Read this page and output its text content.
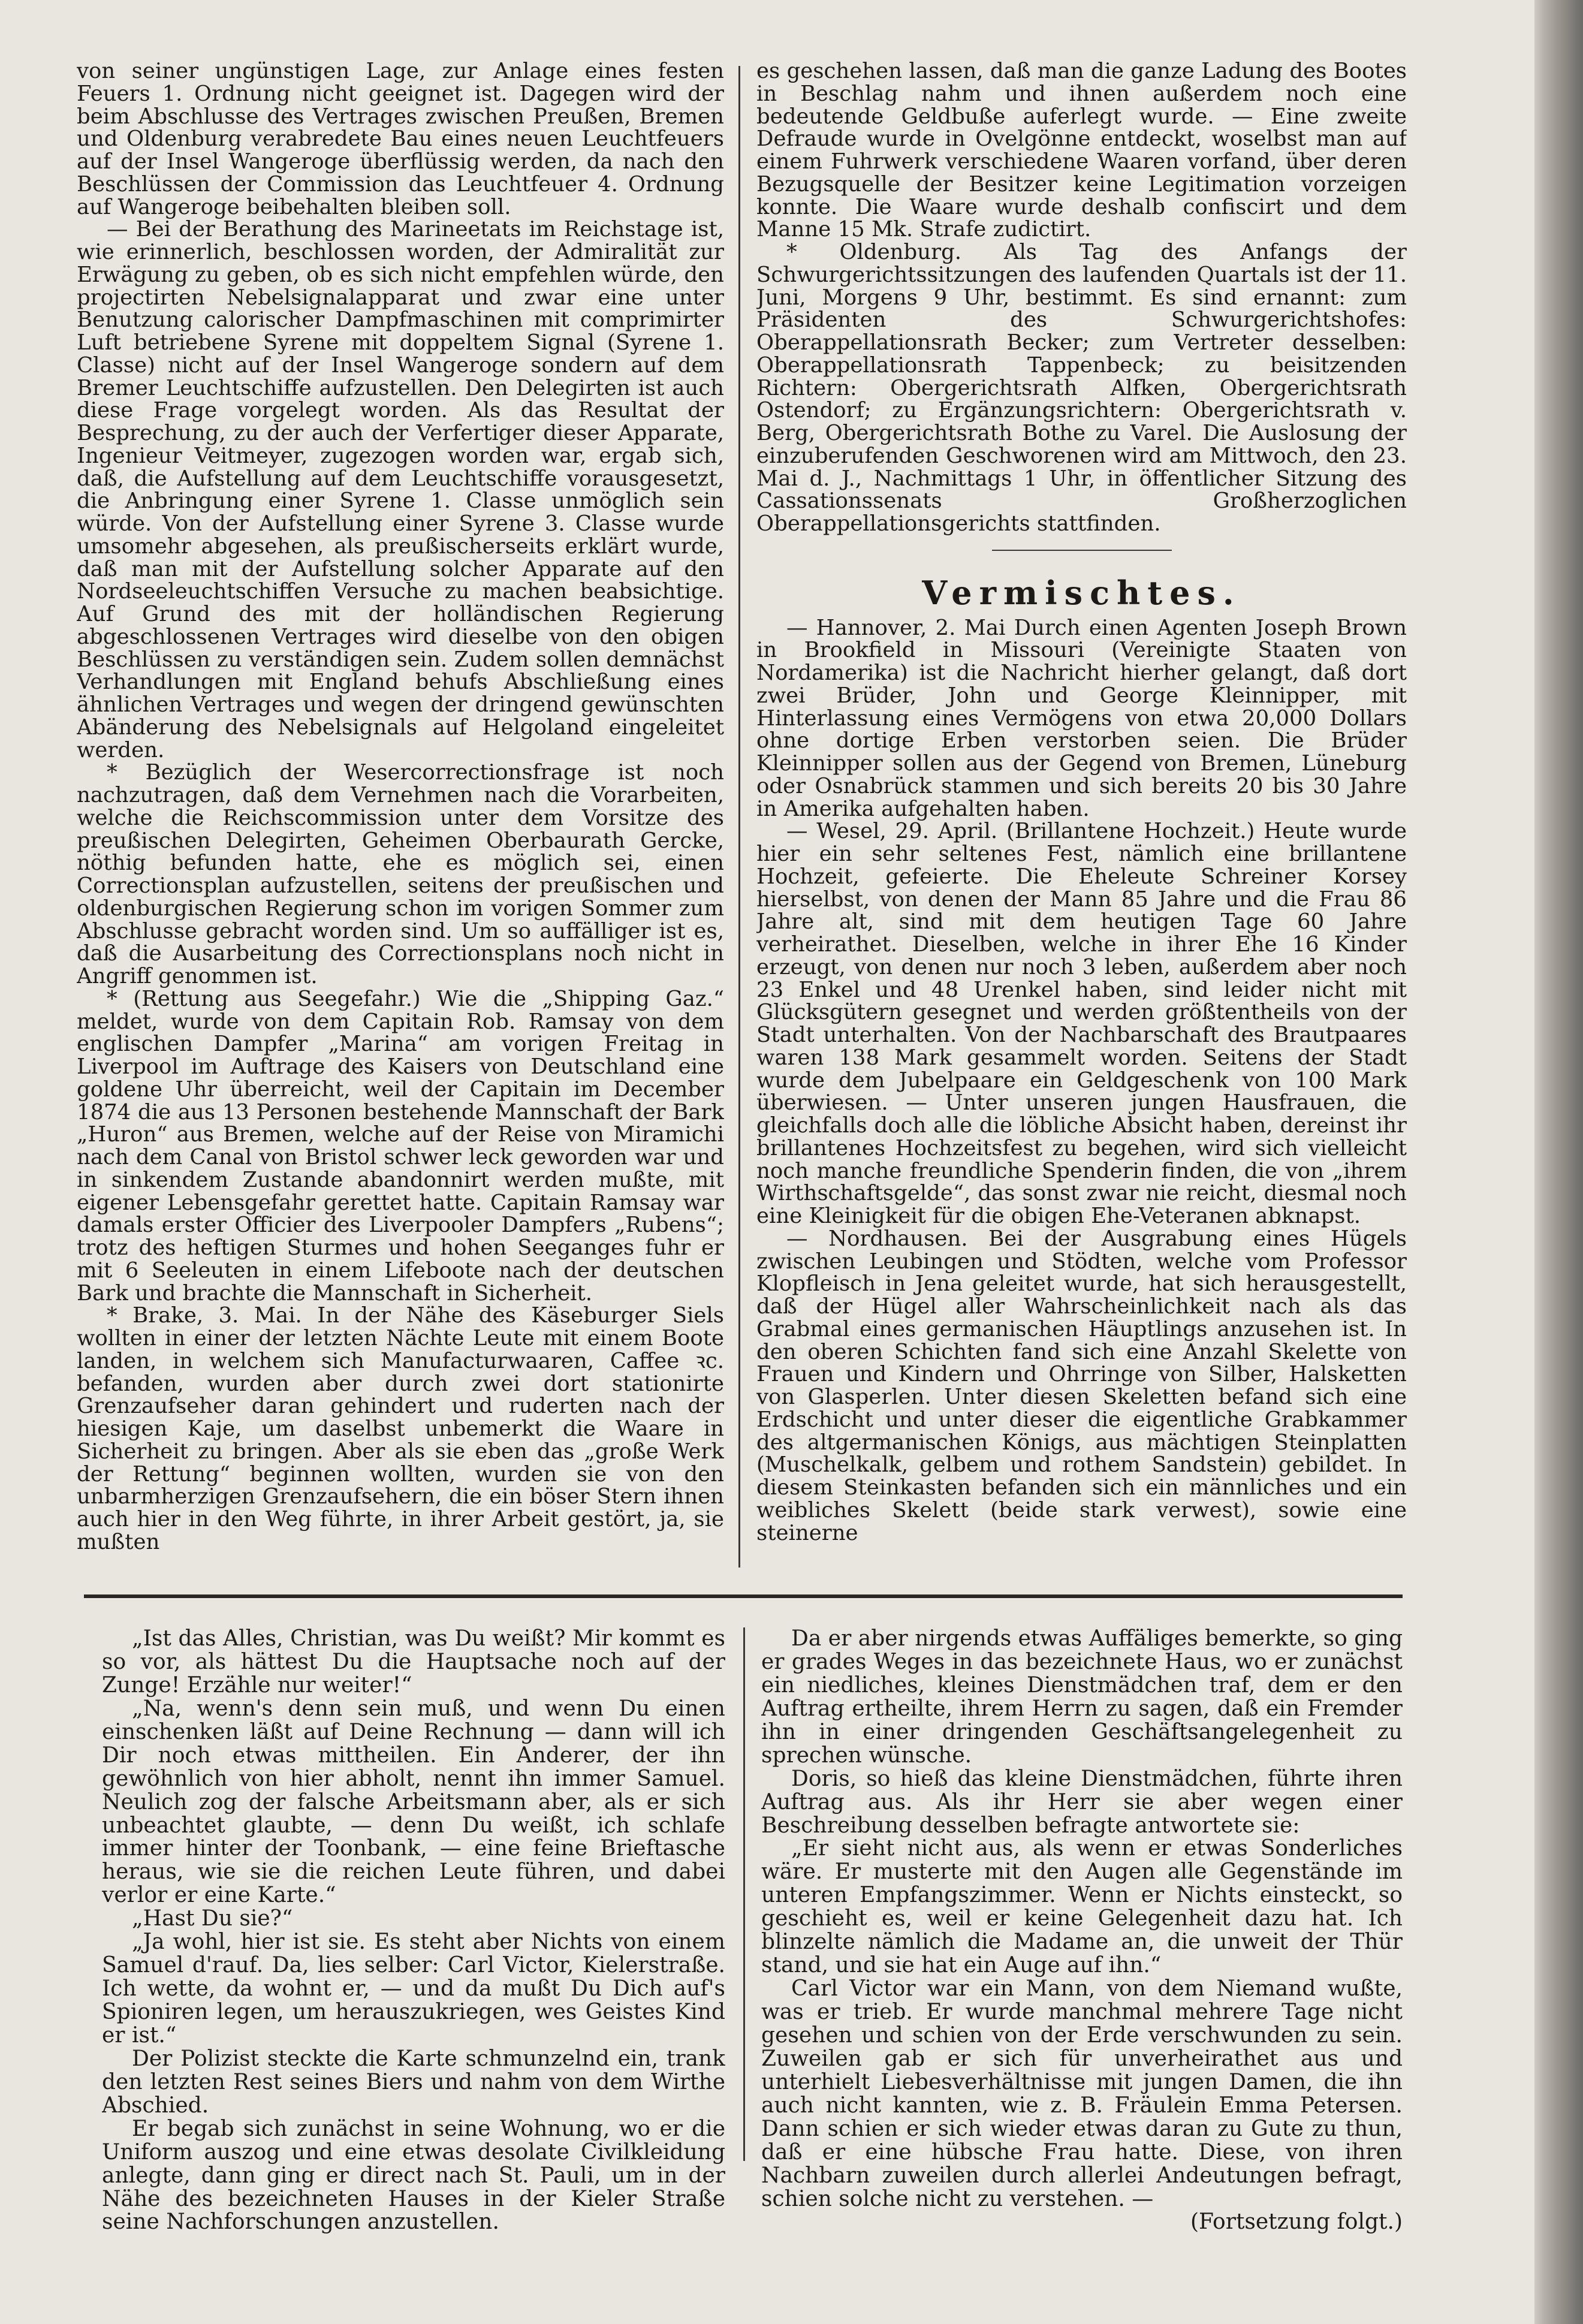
von seiner ungünstigen Lage, zur Anlage eines festen Feuers 1. Ordnung nicht geeignet ist. Dagegen wird der beim Abschlusse des Vertrages zwischen Preußen, Bremen und Oldenburg verabredete Bau eines neuen Leuchtfeuers auf der Insel Wangeroge überflüssig werden, da nach den Beschlüssen der Commission das Leuchtfeuer 4. Ordnung auf Wangeroge beibehalten bleiben soll.

— Bei der Berathung des Marineetats im Reichstage ist, wie erinnerlich, beschlossen worden, der Admiralität zur Erwägung zu geben, ob es sich nicht empfehlen würde, den projectirten Nebelsignalapparat und zwar eine unter Benutzung calorischer Dampfmaschinen mit comprimirter Luft betriebene Syrene mit doppeltem Signal (Syrene 1. Classe) nicht auf der Insel Wangeroge sondern auf dem Bremer Leuchtschiffe aufzustellen. Den Delegirten ist auch diese Frage vorgelegt worden. Als das Resultat der Besprechung, zu der auch der Verfertiger dieser Apparate, Ingenieur Veitmeyer, zugezogen worden war, ergab sich, daß, die Aufstellung auf dem Leuchtschiffe vorausgesetzt, die Anbringung einer Syrene 1. Classe unmöglich sein würde. Von der Aufstellung einer Syrene 3. Classe wurde umsomehr abgesehen, als preußischerseits erklärt wurde, daß man mit der Aufstellung solcher Apparate auf den Nordseeleuchtschiffen Versuche zu machen beabsichtige. Auf Grund des mit der holländischen Regierung abgeschlossenen Vertrages wird dieselbe von den obigen Beschlüssen zu verständigen sein. Zudem sollen demnächst Verhandlungen mit England behufs Abschließung eines ähnlichen Vertrages und wegen der dringend gewünschten Abänderung des Nebelsignals auf Helgoland eingeleitet werden.

* Bezüglich der Wesercorrectionsfrage ist noch nachzutragen, daß dem Vernehmen nach die Vorarbeiten, welche die Reichscommission unter dem Vorsitze des preußischen Delegirten, Geheimen Oberbaurath Gercke, nöthig befunden hatte, ehe es möglich sei, einen Correctionsplan aufzustellen, seitens der preußischen und oldenburgischen Regierung schon im vorigen Sommer zum Abschlusse gebracht worden sind. Um so auffälliger ist es, daß die Ausarbeitung des Correctionsplans noch nicht in Angriff genommen ist.

* (Rettung aus Seegefahr.) Wie die „Shipping Gaz.“ meldet, wurde von dem Capitain Rob. Ramsay von dem englischen Dampfer „Marina“ am vorigen Freitag in Liverpool im Auftrage des Kaisers von Deutschland eine goldene Uhr überreicht, weil der Capitain im December 1874 die aus 13 Personen bestehende Mannschaft der Bark „Huron“ aus Bremen, welche auf der Reise von Miramichi nach dem Canal von Bristol schwer leck geworden war und in sinkendem Zustande abandonnirt werden mußte, mit eigener Lebensgefahr gerettet hatte. Capitain Ramsay war damals erster Officier des Liverpooler Dampfers „Rubens“; trotz des heftigen Sturmes und hohen Seeganges fuhr er mit 6 Seeleuten in einem Lifeboote nach der deutschen Bark und brachte die Mannschaft in Sicherheit.

* Brake, 3. Mai. In der Nähe des Käseburger Siels wollten in einer der letzten Nächte Leute mit einem Boote landen, in welchem sich Manufacturwaaren, Caffee ꝛc. befanden, wurden aber durch zwei dort stationirte Grenzaufseher daran gehindert und ruderten nach der hiesigen Kaje, um daselbst unbemerkt die Waare in Sicherheit zu bringen. Aber als sie eben das „große Werk der Rettung“ beginnen wollten, wurden sie von den unbarmherzigen Grenzaufsehern, die ein böser Stern ihnen auch hier in den Weg führte, in ihrer Arbeit gestört, ja, sie mußten

es geschehen lassen, daß man die ganze Ladung des Bootes in Beschlag nahm und ihnen außerdem noch eine bedeutende Geldbuße auferlegt wurde. — Eine zweite Defraude wurde in Ovelgönne entdeckt, woselbst man auf einem Fuhrwerk verschiedene Waaren vorfand, über deren Bezugsquelle der Besitzer keine Legitimation vorzeigen konnte. Die Waare wurde deshalb confiscirt und dem Manne 15 Mk. Strafe zudictirt.

* Oldenburg. Als Tag des Anfangs der Schwurgerichtssitzungen des laufenden Quartals ist der 11. Juni, Morgens 9 Uhr, bestimmt. Es sind ernannt: zum Präsidenten des Schwurgerichtshofes: Oberappellationsrath Becker; zum Vertreter desselben: Oberappellationsrath Tappenbeck; zu beisitzenden Richtern: Obergerichtsrath Alfken, Obergerichtsrath Ostendorf; zu Ergänzungsrichtern: Obergerichtsrath v. Berg, Obergerichtsrath Bothe zu Varel. Die Auslosung der einzuberufenden Geschworenen wird am Mittwoch, den 23. Mai d. J., Nachmittags 1 Uhr, in öffentlicher Sitzung des Cassationssenats Großherzoglichen Oberappellationsgerichts stattfinden.

Vermischtes.

— Hannover, 2. Mai Durch einen Agenten Joseph Brown in Brookfield in Missouri (Vereinigte Staaten von Nordamerika) ist die Nachricht hierher gelangt, daß dort zwei Brüder, John und George Kleinnipper, mit Hinterlassung eines Vermögens von etwa 20,000 Dollars ohne dortige Erben verstorben seien. Die Brüder Kleinnipper sollen aus der Gegend von Bremen, Lüneburg oder Osnabrück stammen und sich bereits 20 bis 30 Jahre in Amerika aufgehalten haben.

— Wesel, 29. April. (Brillantene Hochzeit.) Heute wurde hier ein sehr seltenes Fest, nämlich eine brillantene Hochzeit, gefeierte. Die Eheleute Schreiner Korsey hierselbst, von denen der Mann 85 Jahre und die Frau 86 Jahre alt, sind mit dem heutigen Tage 60 Jahre verheirathet. Dieselben, welche in ihrer Ehe 16 Kinder erzeugt, von denen nur noch 3 leben, außerdem aber noch 23 Enkel und 48 Urenkel haben, sind leider nicht mit Glücksgütern gesegnet und werden größtentheils von der Stadt unterhalten. Von der Nachbarschaft des Brautpaares waren 138 Mark gesammelt worden. Seitens der Stadt wurde dem Jubelpaare ein Geldgeschenk von 100 Mark überwiesen. — Unter unseren jungen Hausfrauen, die gleichfalls doch alle die löbliche Absicht haben, dereinst ihr brillantenes Hochzeitsfest zu begehen, wird sich vielleicht noch manche freundliche Spenderin finden, die von „ihrem Wirthschaftsgelde“, das sonst zwar nie reicht, diesmal noch eine Kleinigkeit für die obigen Ehe-Veteranen abknapst.

— Nordhausen. Bei der Ausgrabung eines Hügels zwischen Leubingen und Stödten, welche vom Professor Klopfleisch in Jena geleitet wurde, hat sich herausgestellt, daß der Hügel aller Wahrscheinlichkeit nach als das Grabmal eines germanischen Häuptlings anzusehen ist. In den oberen Schichten fand sich eine Anzahl Skelette von Frauen und Kindern und Ohrringe von Silber, Halsketten von Glasperlen. Unter diesen Skeletten befand sich eine Erdschicht und unter dieser die eigentliche Grabkammer des altgermanischen Königs, aus mächtigen Steinplatten (Muschelkalk, gelbem und rothem Sandstein) gebildet. In diesem Steinkasten befanden sich ein männliches und ein weibliches Skelett (beide stark verwest), sowie eine steinerne

„Ist das Alles, Christian, was Du weißt? Mir kommt es so vor, als hättest Du die Hauptsache noch auf der Zunge! Erzähle nur weiter!“

„Na, wenn's denn sein muß, und wenn Du einen einschenken läßt auf Deine Rechnung — dann will ich Dir noch etwas mittheilen. Ein Anderer, der ihn gewöhnlich von hier abholt, nennt ihn immer Samuel. Neulich zog der falsche Arbeitsmann aber, als er sich unbeachtet glaubte, — denn Du weißt, ich schlafe immer hinter der Toonbank, — eine feine Brieftasche heraus, wie sie die reichen Leute führen, und dabei verlor er eine Karte.“

„Hast Du sie?“

„Ja wohl, hier ist sie. Es steht aber Nichts von einem Samuel d'rauf. Da, lies selber: Carl Victor, Kielerstraße. Ich wette, da wohnt er, — und da mußt Du Dich auf's Spioniren legen, um herauszukriegen, wes Geistes Kind er ist.“

Der Polizist steckte die Karte schmunzelnd ein, trank den letzten Rest seines Biers und nahm von dem Wirthe Abschied.

Er begab sich zunächst in seine Wohnung, wo er die Uniform auszog und eine etwas desolate Civilkleidung anlegte, dann ging er direct nach St. Pauli, um in der Nähe des bezeichneten Hauses in der Kieler Straße seine Nachforschungen anzustellen.

Da er aber nirgends etwas Auffäliges bemerkte, so ging er grades Weges in das bezeichnete Haus, wo er zunächst ein niedliches, kleines Dienstmädchen traf, dem er den Auftrag ertheilte, ihrem Herrn zu sagen, daß ein Fremder ihn in einer dringenden Geschäftsangelegenheit zu sprechen wünsche.

Doris, so hieß das kleine Dienstmädchen, führte ihren Auftrag aus. Als ihr Herr sie aber wegen einer Beschreibung desselben befragte antwortete sie:

„Er sieht nicht aus, als wenn er etwas Sonderliches wäre. Er musterte mit den Augen alle Gegenstände im unteren Empfangszimmer. Wenn er Nichts einsteckt, so geschieht es, weil er keine Gelegenheit dazu hat. Ich blinzelte nämlich die Madame an, die unweit der Thür stand, und sie hat ein Auge auf ihn.“

Carl Victor war ein Mann, von dem Niemand wußte, was er trieb. Er wurde manchmal mehrere Tage nicht gesehen und schien von der Erde verschwunden zu sein. Zuweilen gab er sich für unverheirathet aus und unterhielt Liebesverhältnisse mit jungen Damen, die ihn auch nicht kannten, wie z. B. Fräulein Emma Petersen. Dann schien er sich wieder etwas daran zu Gute zu thun, daß er eine hübsche Frau hatte. Diese, von ihren Nachbarn zuweilen durch allerlei Andeutungen befragt, schien solche nicht zu verstehen. —

(Fortsetzung folgt.)
